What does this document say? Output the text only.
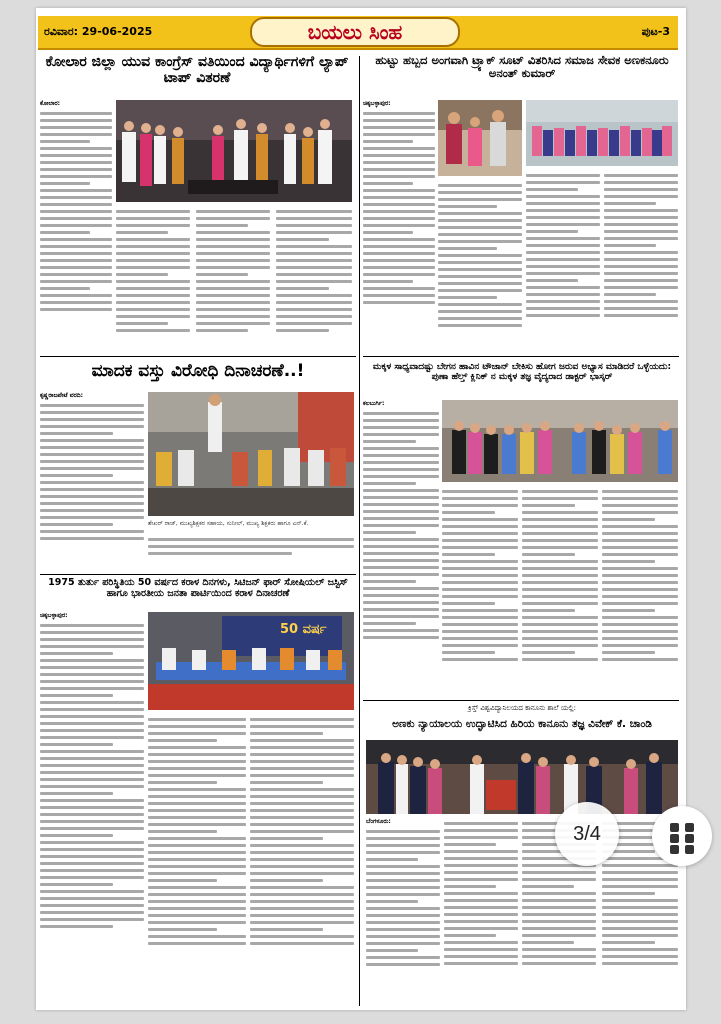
ರವಿವಾರ: 29-06-2025	ಬಯಲು ಸಿಂಹ	ಪುಟ-3
ಕೋಲಾರ ಜಿಲ್ಲಾ ಯುವ ಕಾಂಗ್ರೆಸ್ ವತಿಯಿಂದ ವಿದ್ಯಾರ್ಥಿಗಳಿಗೆ ಲ್ಯಾಪ್ ಟಾಪ್ ವಿತರಣೆ
ಕೋಲಾರ:
ಹುಟ್ಟು ಹಬ್ಬದ ಅಂಗವಾಗಿ ಟ್ರ್ಯಾಕ್ ಸೂಟ್ ವಿತರಿಸಿದ ಸಮಾಜ ಸೇವಕ ಅಣಕನೂರು ಅನಂತ್ ಕುಮಾರ್
ಚಿಕ್ಕಬಳ್ಳಾಪುರ:
ಮಾದಕ ವಸ್ತು ವಿರೋಧಿ ದಿನಾಚರಣೆ..!
ಕೃಷ್ಣರಾಜಪೇಟೆ ವರದಿ:
ಶೇಖರ್ ರಾಜ್, ಮುಖ್ಯಶಿಕ್ಷಕರ ಸಹಾಯ, ಸುನೀಲ್, ಮುಖ್ಯ ಶಿಕ್ಷಕರು ಹಾಗೂ ಎನ್.ಕೆ.
ಮಕ್ಕಳ ಸಾಧ್ಯವಾದಷ್ಟು ಬೇಗನ ಹಾವಿನ ಟೌಜಾನ್ ಬೇಕಿಸು ಹೋಗ ಜರುವ ಅಭ್ಯಾಸ ಮಾಡಿದರೆ ಒಳ್ಳೆಯದು: ಪುಣಾ ಹೆಲ್ತ್ ಕ್ಲಿನಿಕ್ ನ ಮಕ್ಕಳ ತಜ್ಞ ವೈದ್ಯರಾದ ಡಾಕ್ಟರ್ ಭಾಸ್ಕರ್
ಕಲಬುರ್ಗಿ:
1975 ತುರ್ತು ಪರಿಸ್ಥಿತಿಯ 50 ವರ್ಷದ ಕರಾಳ ದಿನಗಳು, ಸಿಟಿಜನ್ ಫಾರ್ ಸೋಷಿಯಲ್ ಜಸ್ಟಿಸ್ ಹಾಗೂ ಭಾರತೀಯ ಜನತಾ ಪಾರ್ಟಿಯಿಂದ ಕರಾಳ ದಿನಾಚರಣೆ
ಚಿಕ್ಕಬಳ್ಳಾಪುರ:
50 ವರ್ಷ
ಕ್ರಿಸ್ತ್ ವಿಶ್ವವಿದ್ಯಾನಿಲಯದ ಕಾನೂನು ಶಾಲೆ ಯಲ್ಲಿ:
ಅಣಕು ನ್ಯಾಯಾಲಯ ಉದ್ಘಾಟಿಸಿದ ಹಿರಿಯ ಕಾನೂನು ತಜ್ಞ ವಿವೇಕ್ ಕೆ. ಚಾಂಡಿ
ಬೆಂಗಳೂರು:
3/4
